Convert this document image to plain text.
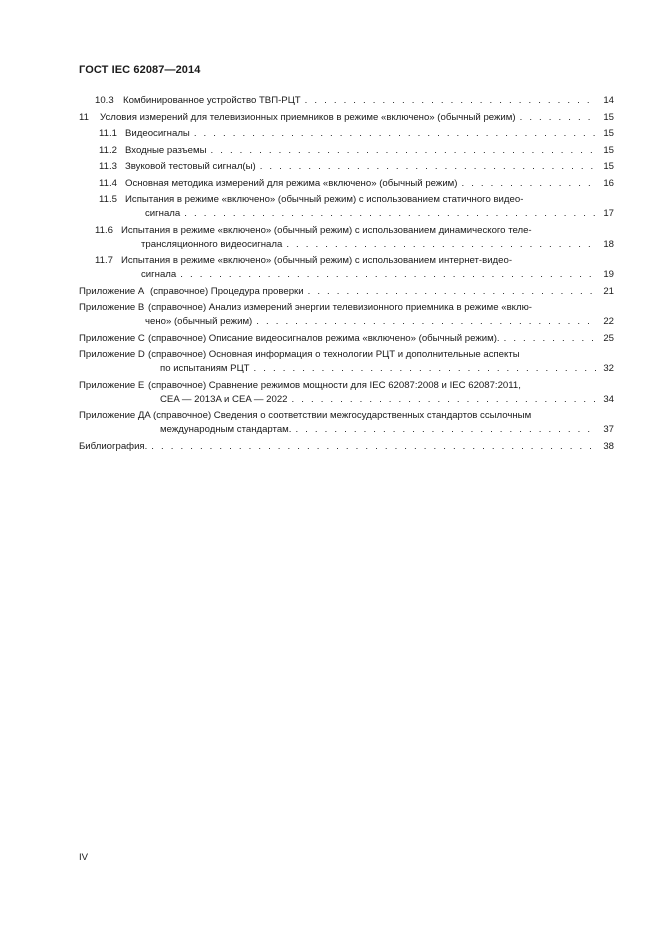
ГОСТ IEC 62087—2014
10.3 Комбинированное устройство ТВП-РЦТ . . .	14
11	Условия измерений для телевизионных приемников в режиме «включено» (обычный режим) . . .	15
11.1 Видеосигналы . . .	15
11.2 Входные разъемы . . .	15
11.3 Звуковой тестовый сигнал(ы) . . .	15
11.4 Основная методика измерений для режима «включено» (обычный режим) . . .	16
11.5 Испытания в режиме «включено» (обычный режим) с использованием статичного видео-
сигнала . . .	17
11.6 Испытания в режиме «включено» (обычный режим) с использованием динамического теле-
трансляционного видеосигнала . . .	18
11.7 Испытания в режиме «включено» (обычный режим) с использованием интернет-видео-
сигнала . . .	19
Приложение А (справочное) Процедура проверки . . .	21
Приложение В (справочное) Анализ измерений энергии телевизионного приемника в режиме «вклю-
чено» (обычный режим) . . .	22
Приложение С (справочное) Описание видеосигналов режима «включено» (обычный режим). . . .	25
Приложение D (справочное) Основная информация о технологии РЦТ и дополнительные аспекты
по испытаниям РЦТ . . .	32
Приложение Е (справочное) Сравнение режимов мощности для IEC 62087:2008 и IEC 62087:2011,
CEA — 2013A и CEA — 2022 . . .	34
Приложение ДА (справочное) Сведения о соответствии межгосударственных стандартов ссылочным
международным стандартам. . . .	37
Библиография. . . .	38
IV
